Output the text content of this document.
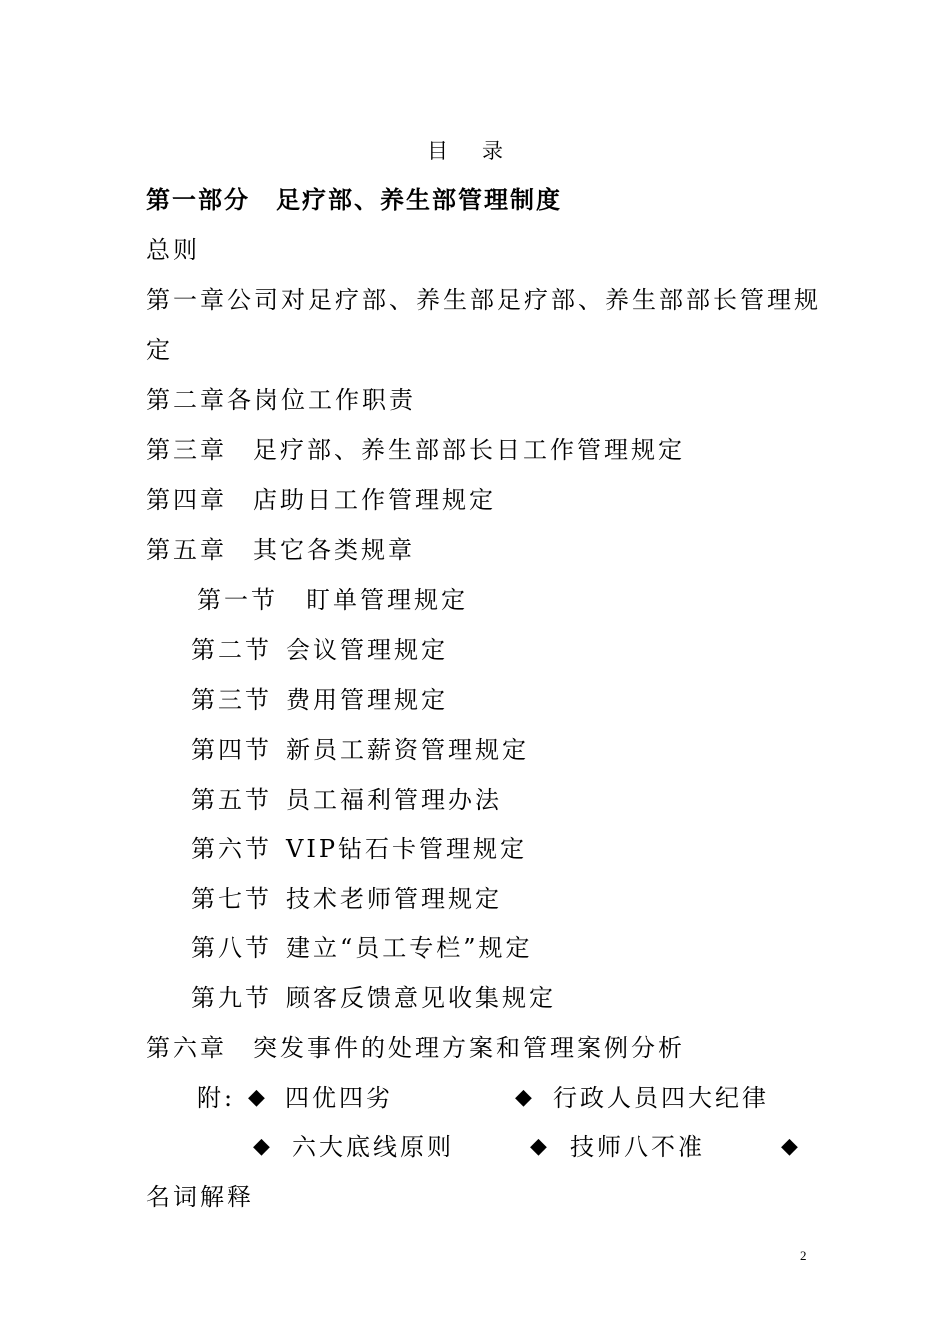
目 录
第一部分 足疗部、养生部管理制度
总则
第一章公司对足疗部、养生部足疗部、养生部部长管理规
定
第二章各岗位工作职责
第三章 足疗部、养生部部长日工作管理规定
第四章 店助日工作管理规定
第五章 其它各类规章
第一节 盯单管理规定
第二节 会议管理规定
第三节 费用管理规定
第四节 新员工薪资管理规定
第五节 员工福利管理办法
第六节 VIP钻石卡管理规定
第七节 技术老师管理规定
第八节 建立“员工专栏”规定
第九节 顾客反馈意见收集规定
第六章 突发事件的处理方案和管理案例分析
附: ◆ 四优四劣	◆ 行政人员四大纪律
◆ 六大底线原则	◆ 技师八不准	◆
名词解释
2
